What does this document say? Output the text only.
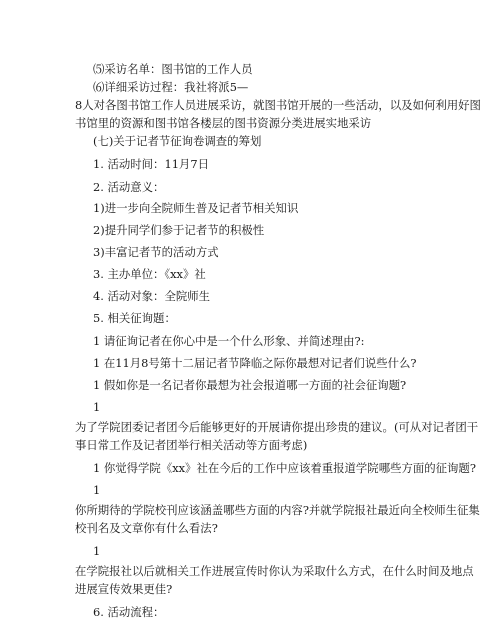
⑸采访名单：图书馆的工作人员
⑹详细采访过程：我社将派5—
8人对各图书馆工作人员进展采访，就图书馆开展的一些活动，以及如何利用好图
书馆里的资源和图书馆各楼层的图书资源分类进展实地采访
(七)关于记者节征询卷调查的筹划
1. 活动时间：11月7日
2. 活动意义：
1)进一步向全院师生普及记者节相关知识
2)提升同学们参于记者节的积极性
3)丰富记者节的活动方式
3. 主办单位：《xx》社
4. 活动对象：全院师生
5. 相关征询题：
1 请征询记者在你心中是一个什么形象、并简述理由?:
1 在11月8号第十二届记者节降临之际你最想对记者们说些什么?
1 假如你是一名记者你最想为社会报道哪一方面的社会征询题?
1
为了学院团委记者团今后能够更好的开展请你提出珍贵的建议。(可从对记者团干
事日常工作及记者团举行相关活动等方面考虑)
1 你觉得学院《xx》社在今后的工作中应该着重报道学院哪些方面的征询题?
1
你所期待的学院校刊应该涵盖哪些方面的内容?并就学院报社最近向全校师生征集
校刊名及文章你有什么看法?
1
在学院报社以后就相关工作进展宣传时你认为采取什么方式，在什么时间及地点
进展宣传效果更佳?
6. 活动流程：
